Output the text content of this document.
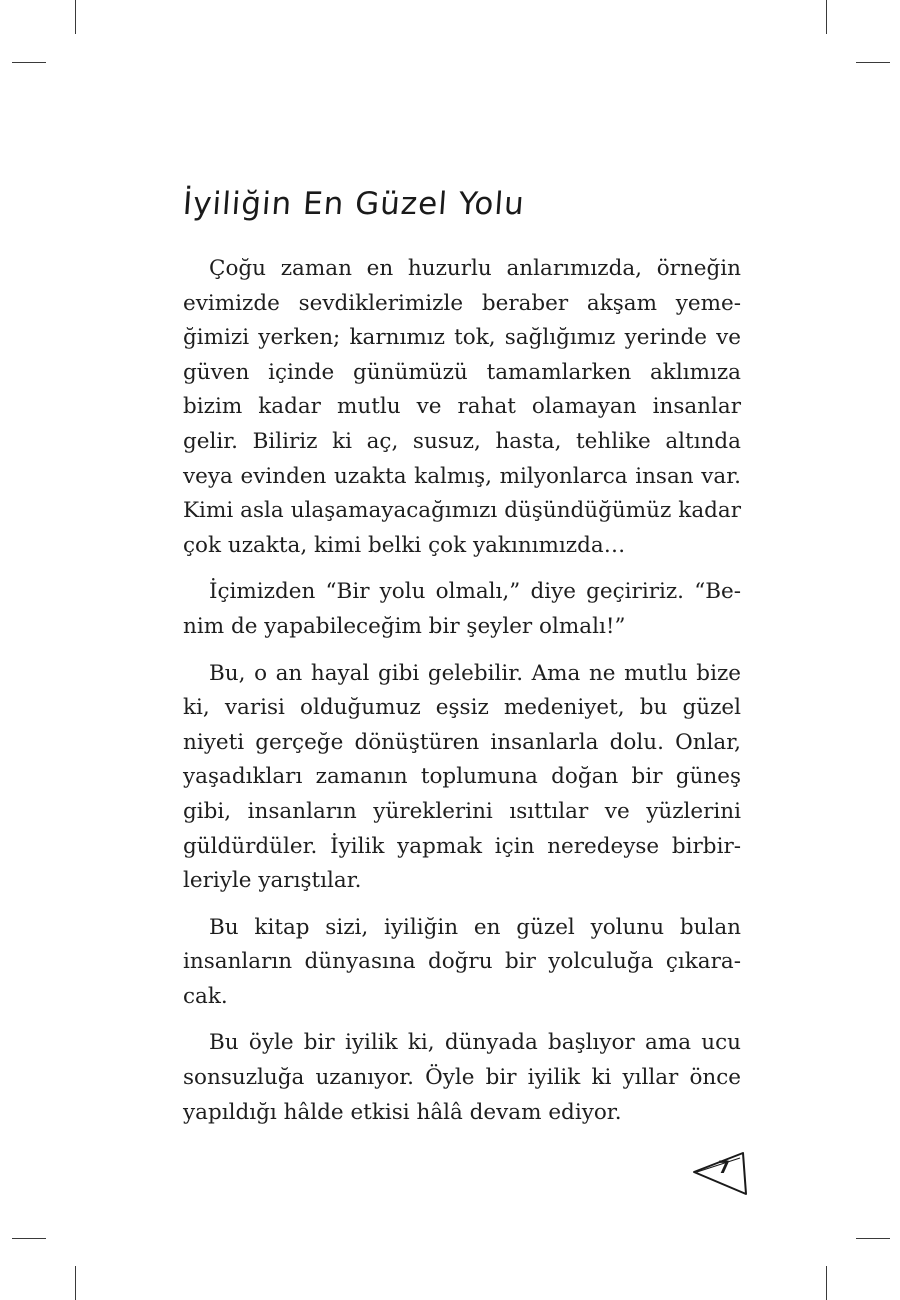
İyiliğin En Güzel Yolu

Çoğu zaman en huzurlu anlarımızda, örneğin evimizde sevdiklerimizle beraber akşam yemeğimizi yerken; karnımız tok, sağlığımız yerinde ve güven içinde günümüzü tamamlarken aklımıza bizim kadar mutlu ve rahat olamayan insanlar gelir. Biliriz ki aç, susuz, hasta, tehlike altında veya evinden uzakta kalmış, milyonlarca insan var. Kimi asla ulaşamayacağımızı düşündüğümüz kadar çok uzakta, kimi belki çok yakınımızda…

İçimizden “Bir yolu olmalı,” diye geçiririz. “Benim de yapabileceğim bir şeyler olmalı!”

Bu, o an hayal gibi gelebilir. Ama ne mutlu bize ki, varisi olduğumuz eşsiz medeniyet, bu güzel niyeti gerçeğe dönüştüren insanlarla dolu. Onlar, yaşadıkları zamanın toplumuna doğan bir güneş gibi, insanların yüreklerini ısıttılar ve yüzlerini güldürdüler. İyilik yapmak için neredeyse birbirleriyle yarıştılar.

Bu kitap sizi, iyiliğin en güzel yolunu bulan insanların dünyasına doğru bir yolculuğa çıkaracak.

Bu öyle bir iyilik ki, dünyada başlıyor ama ucu sonsuzluğa uzanıyor. Öyle bir iyilik ki yıllar önce yapıldığı hâlde etkisi hâlâ devam ediyor.

7
